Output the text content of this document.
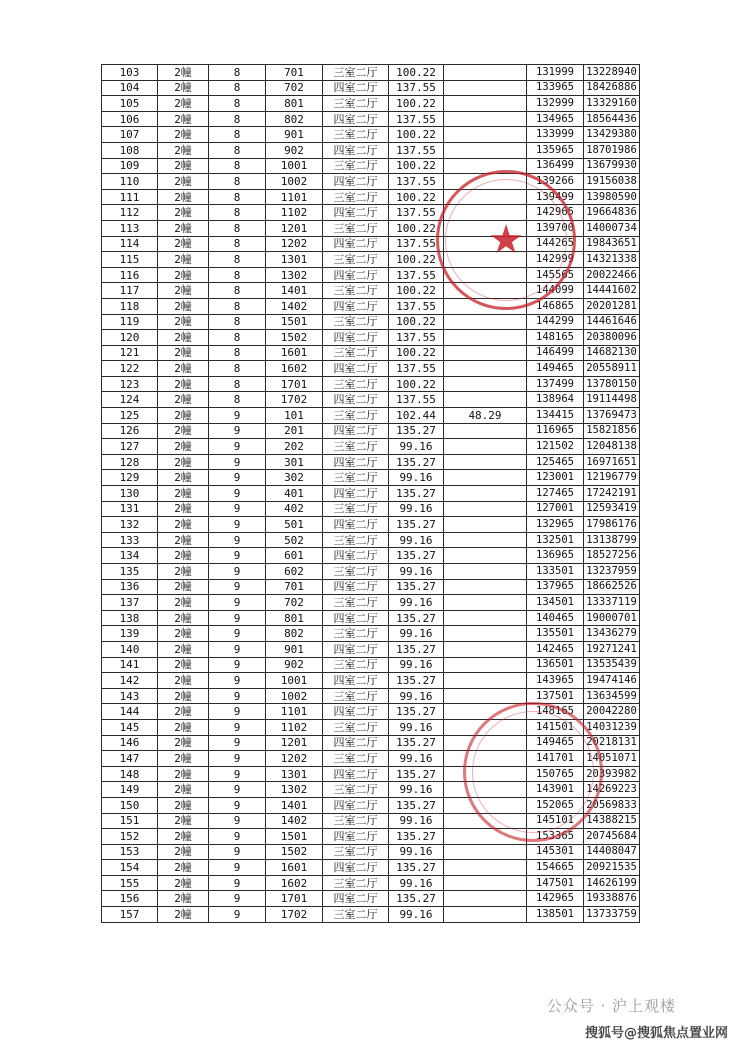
103	2幢	8	701	三室二厅	100.22		131999	13228940
104	2幢	8	702	四室二厅	137.55		133965	18426886
105	2幢	8	801	三室二厅	100.22		132999	13329160
106	2幢	8	802	四室二厅	137.55		134965	18564436
107	2幢	8	901	三室二厅	100.22		133999	13429380
108	2幢	8	902	四室二厅	137.55		135965	18701986
109	2幢	8	1001	三室二厅	100.22		136499	13679930
110	2幢	8	1002	四室二厅	137.55		139266	19156038
111	2幢	8	1101	三室二厅	100.22		139499	13980590
112	2幢	8	1102	四室二厅	137.55		142965	19664836
113	2幢	8	1201	三室二厅	100.22		139700	14000734
114	2幢	8	1202	四室二厅	137.55		144265	19843651
115	2幢	8	1301	三室二厅	100.22		142999	14321338
116	2幢	8	1302	四室二厅	137.55		145565	20022466
117	2幢	8	1401	三室二厅	100.22		144099	14441602
118	2幢	8	1402	四室二厅	137.55		146865	20201281
119	2幢	8	1501	三室二厅	100.22		144299	14461646
120	2幢	8	1502	四室二厅	137.55		148165	20380096
121	2幢	8	1601	三室二厅	100.22		146499	14682130
122	2幢	8	1602	四室二厅	137.55		149465	20558911
123	2幢	8	1701	三室二厅	100.22		137499	13780150
124	2幢	8	1702	四室二厅	137.55		138964	19114498
125	2幢	9	101	三室二厅	102.44	48.29	134415	13769473
126	2幢	9	201	四室二厅	135.27		116965	15821856
127	2幢	9	202	三室二厅	99.16		121502	12048138
128	2幢	9	301	四室二厅	135.27		125465	16971651
129	2幢	9	302	三室二厅	99.16		123001	12196779
130	2幢	9	401	四室二厅	135.27		127465	17242191
131	2幢	9	402	三室二厅	99.16		127001	12593419
132	2幢	9	501	四室二厅	135.27		132965	17986176
133	2幢	9	502	三室二厅	99.16		132501	13138799
134	2幢	9	601	四室二厅	135.27		136965	18527256
135	2幢	9	602	三室二厅	99.16		133501	13237959
136	2幢	9	701	四室二厅	135.27		137965	18662526
137	2幢	9	702	三室二厅	99.16		134501	13337119
138	2幢	9	801	四室二厅	135.27		140465	19000701
139	2幢	9	802	三室二厅	99.16		135501	13436279
140	2幢	9	901	四室二厅	135.27		142465	19271241
141	2幢	9	902	三室二厅	99.16		136501	13535439
142	2幢	9	1001	四室二厅	135.27		143965	19474146
143	2幢	9	1002	三室二厅	99.16		137501	13634599
144	2幢	9	1101	四室二厅	135.27		148165	20042280
145	2幢	9	1102	三室二厅	99.16		141501	14031239
146	2幢	9	1201	四室二厅	135.27		149465	20218131
147	2幢	9	1202	三室二厅	99.16		141701	14051071
148	2幢	9	1301	四室二厅	135.27		150765	20393982
149	2幢	9	1302	三室二厅	99.16		143901	14269223
150	2幢	9	1401	四室二厅	135.27		152065	20569833
151	2幢	9	1402	三室二厅	99.16		145101	14388215
152	2幢	9	1501	四室二厅	135.27		153365	20745684
153	2幢	9	1502	三室二厅	99.16		145301	14408047
154	2幢	9	1601	四室二厅	135.27		154665	20921535
155	2幢	9	1602	三室二厅	99.16		147501	14626199
156	2幢	9	1701	四室二厅	135.27		142965	19338876
157	2幢	9	1702	三室二厅	99.16		138501	13733759
★
公众号 · 沪上观楼
搜狐号@搜狐焦点置业网
